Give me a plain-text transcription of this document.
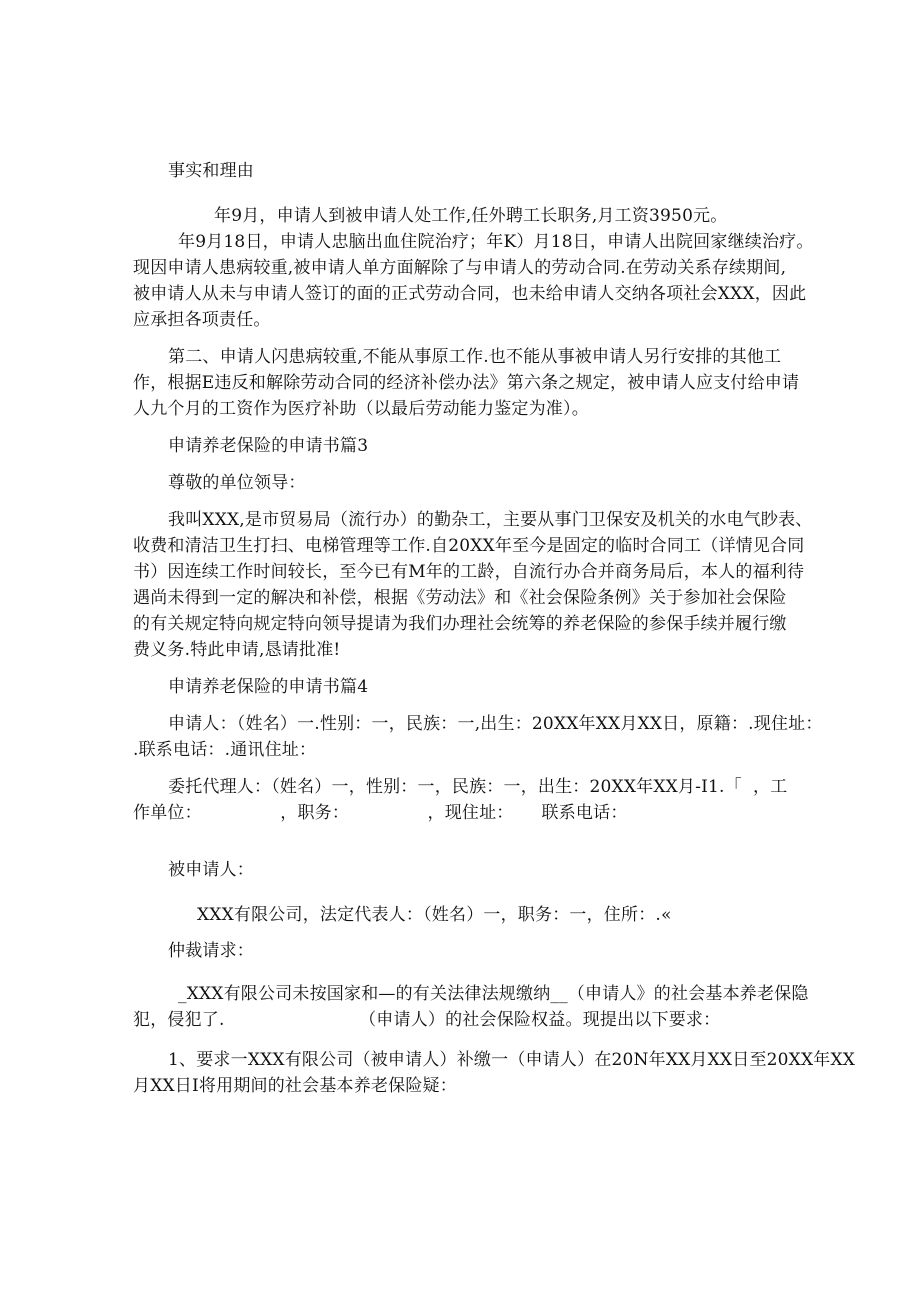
事实和理由
年9月，申请人到被申请人处工作,任外聘工长职务,月工资3950元。
年9月18日，申请人忠脑出血住院治疗；年K）月18日，申请人出院回家继续治疗。
现因申请人患病较重,被申请人单方面解除了与申请人的劳动合同.在劳动关系存续期间,
被申请人从未与申请人签订的面的正式劳动合同，也未给申请人交纳各项社会XXX，因此
应承担各项责任。
第二、申请人闪患病较重,不能从事原工作.也不能从事被申请人另行安排的其他工
作，根据E违反和解除劳动合同的经济补偿办法》第六条之规定，被申请人应支付给申请
人九个月的工资作为医疗补助（以最后劳动能力鉴定为准）。
申请养老保险的申请书篇3
尊敬的单位领导：
我叫XXX,是市贸易局（流行办）的勤杂工，主要从事门卫保安及机关的水电气眇表、
收费和清洁卫生打扫、电梯管理等工作.自20XX年至今是固定的临时合同工（详情见合同
书）因连续工作时间较长，至今已有M年的工龄，自流行办合并商务局后，本人的福利待
遇尚未得到一定的解决和补偿，根据《劳动法》和《社会保险条例》关于参加社会保险
的有关规定特向规定特向领导提请为我们办理社会统筹的养老保险的参保手续并履行缴
费义务.特此申请,恳请批准!
申请养老保险的申请书篇4
申请人：（姓名）一.性别：一，民族：一,出生：20XX年XX月XX日，原籍：.现住址：
.联系电话：.通讯住址：
委托代理人：（姓名）一，性别：一，民族：一，出生：20XX年XX月-I1.「  ，工
作单位：              ，职务：              ，现住址：     联系电话：
被申请人：
XXX有限公司，法定代表人：（姓名）一，职务：一，住所：.«
仲裁请求：
_XXX有限公司未按国家和—的有关法律法规缴纳__（申请人》的社会基本养老保隐
犯，侵犯了.                        （申请人）的社会保险权益。现提出以下要求：
1、要求一XXX有限公司（被申请人）补缴一（申请人）在20N年XX月XX日至20XX年XX
月XX日I将用期间的社会基本养老保险疑：
